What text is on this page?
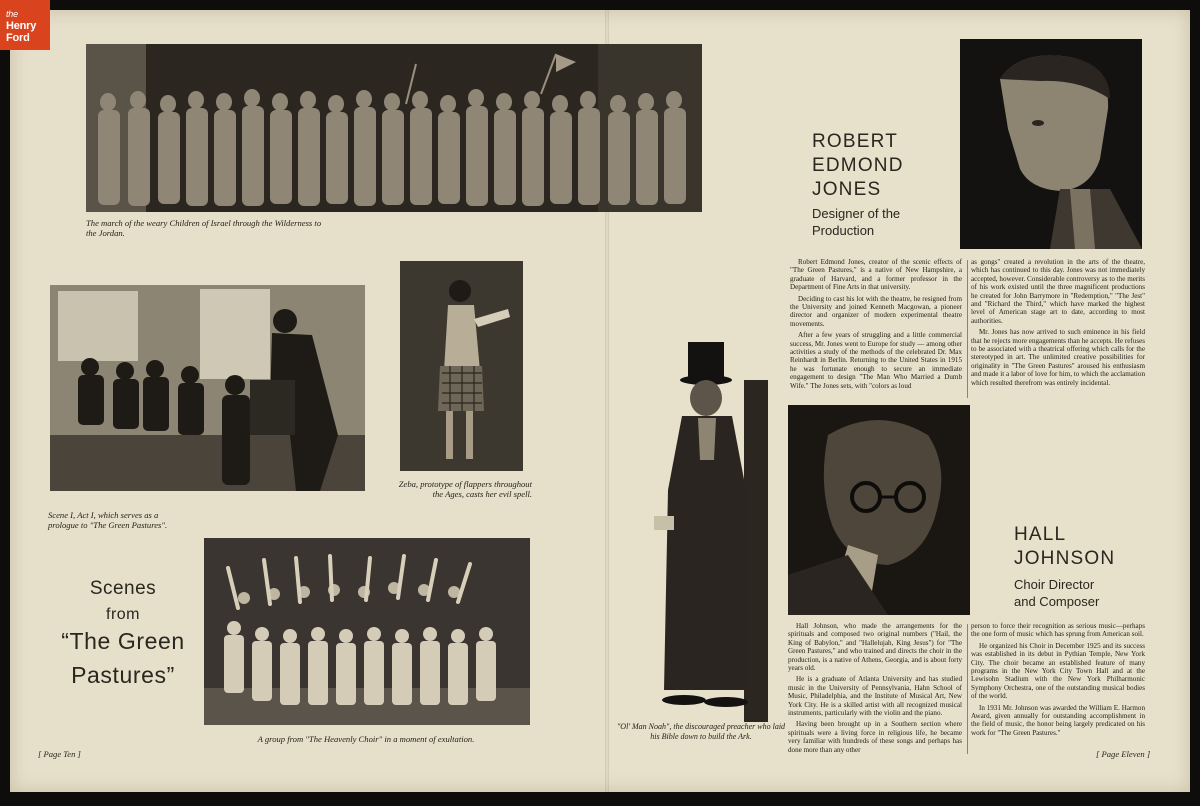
The march of the weary Children of Israel through the Wilderness to the Jordan.
Scene I, Act I, which serves as a prologue to "The Green Pastures".
Zeba, prototype of flappers throughout the Ages, casts her evil spell.
A group from "The Heavenly Choir" in a moment of exultation.
Scenes
from
“The Green
Pastures”
[ Page Ten ]
ROBERT
EDMOND
JONES
Designer of the
Production

Robert Edmond Jones, creator of the scenic effects of "The Green Pastures," is a native of New Hampshire, a graduate of Harvard, and a former professor in the Department of Fine Arts in that university.

Deciding to cast his lot with the theatre, he resigned from the University and joined Kenneth Macgowan, a pioneer director and organizer of modern experimental theatre movements.

After a few years of struggling and a little commercial success, Mr. Jones went to Europe for study — among other activities a study of the methods of the celebrated Dr. Max Reinhardt in Berlin. Returning to the United States in 1915 he was fortunate enough to secure an immediate engagement to design "The Man Who Married a Dumb Wife." The Jones sets, with "colors as loud

as gongs" created a revolution in the arts of the theatre, which has continued to this day. Jones was not immediately accepted, however. Considerable controversy as to the merits of his work existed until the three magnificent productions he created for John Barrymore in "Redemption," "The Jest" and "Richard the Third," which have marked the highest level of American stage art to date, according to most authorities.

Mr. Jones has now arrived to such eminence in his field that he rejects more engagements than he accepts. He refuses to be associated with a theatrical offering which calls for the stereotyped in art. The unlimited creative possibilities for originality in "The Green Pastures" aroused his enthusiasm and made it a labor of love for him, to which the acclamation which resulted therefrom was entirely incidental.

"Ol' Man Noah", the discouraged preacher who laid his Bible down to build the Ark.
HALL
JOHNSON
Choir Director
and Composer

Hall Johnson, who made the arrangements for the spirituals and composed two original numbers ("Hail, the King of Babylon," and "Hallelujah, King Jesus") for "The Green Pastures," and who trained and directs the choir in the production, is a native of Athens, Georgia, and is about forty years old.

He is a graduate of Atlanta University and has studied music in the University of Pennsylvania, Hahn School of Music, Philadelphia, and the Institute of Musical Art, New York City. He is a skilled artist with all recognized musical instruments, particularly with the violin and the piano.

Having been brought up in a Southern section where spirituals were a living force in religious life, he became very familiar with hundreds of these songs and perhaps has done more than any other

person to force their recognition as serious music—perhaps the one form of music which has sprung from American soil.

He organized his Choir in December 1925 and its success was established in its debut in Pythian Temple, New York City. The choir became an established feature of many programs in the New York City Town Hall and at the Lewisohn Stadium with the New York Philharmonic Symphony Orchestra, one of the outstanding musical bodies of the world.

In 1931 Mr. Johnson was awarded the William E. Harmon Award, given annually for outstanding accomplishment in the field of music, the honor being largely predicated on his work for "The Green Pastures."

[ Page Eleven ]
the
Henry
Ford
